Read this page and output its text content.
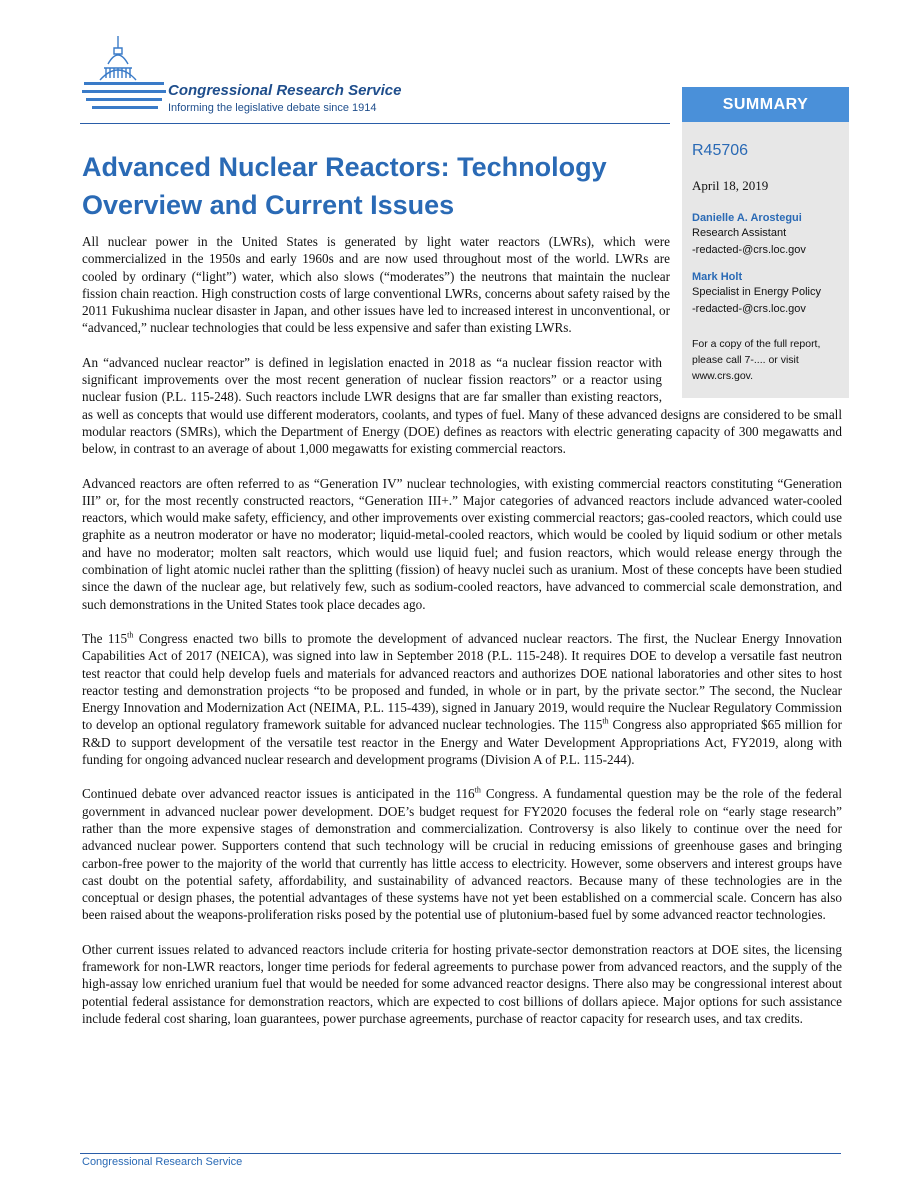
Congressional Research Service
Informing the legislative debate since 1914	SUMMARY
R45706
April 18, 2019
Danielle A. Arostegui
Research Assistant
-redacted-@crs.loc.gov
Mark Holt
Specialist in Energy Policy
-redacted-@crs.loc.gov
For a copy of the full report, please call 7-.... or visit www.crs.gov.
Advanced Nuclear Reactors: Technology Overview and Current Issues

All nuclear power in the United States is generated by light water reactors (LWRs), which were commercialized in the 1950s and early 1960s and are now used throughout most of the world. LWRs are cooled by ordinary (“light”) water, which also slows (“moderates”) the neutrons that maintain the nuclear fission chain reaction. High construction costs of large conventional LWRs, concerns about safety raised by the 2011 Fukushima nuclear disaster in Japan, and other issues have led to increased interest in unconventional, or “advanced,” nuclear technologies that could be less expensive and safer than existing LWRs.

An “advanced nuclear reactor” is defined in legislation enacted in 2018 as “a nuclear fission reactor with significant improvements over the most recent generation of nuclear fission reactors” or a reactor using nuclear fusion (P.L. 115-248). Such reactors include LWR designs that are far smaller than existing reactors, as well as concepts that would use different moderators, coolants, and types of fuel. Many of these advanced designs are considered to be small modular reactors (SMRs), which the Department of Energy (DOE) defines as reactors with electric generating capacity of 300 megawatts and below, in contrast to an average of about 1,000 megawatts for existing commercial reactors.

Advanced reactors are often referred to as “Generation IV” nuclear technologies, with existing commercial reactors constituting “Generation III” or, for the most recently constructed reactors, “Generation III+.” Major categories of advanced reactors include advanced water-cooled reactors, which would make safety, efficiency, and other improvements over existing commercial reactors; gas-cooled reactors, which could use graphite as a neutron moderator or have no moderator; liquid-metal-cooled reactors, which would be cooled by liquid sodium or other metals and have no moderator; molten salt reactors, which would use liquid fuel; and fusion reactors, which would release energy through the combination of light atomic nuclei rather than the splitting (fission) of heavy nuclei such as uranium. Most of these concepts have been studied since the dawn of the nuclear age, but relatively few, such as sodium-cooled reactors, have advanced to commercial scale demonstration, and such demonstrations in the United States took place decades ago.

The 115th Congress enacted two bills to promote the development of advanced nuclear reactors. The first, the Nuclear Energy Innovation Capabilities Act of 2017 (NEICA), was signed into law in September 2018 (P.L. 115-248). It requires DOE to develop a versatile fast neutron test reactor that could help develop fuels and materials for advanced reactors and authorizes DOE national laboratories and other sites to host reactor testing and demonstration projects “to be proposed and funded, in whole or in part, by the private sector.” The second, the Nuclear Energy Innovation and Modernization Act (NEIMA, P.L. 115-439), signed in January 2019, would require the Nuclear Regulatory Commission to develop an optional regulatory framework suitable for advanced nuclear technologies. The 115th Congress also appropriated $65 million for R&D to support development of the versatile test reactor in the Energy and Water Development Appropriations Act, FY2019, along with funding for ongoing advanced nuclear research and development programs (Division A of P.L. 115-244).

Continued debate over advanced reactor issues is anticipated in the 116th Congress. A fundamental question may be the role of the federal government in advanced nuclear power development. DOE’s budget request for FY2020 focuses the federal role on “early stage research” rather than the more expensive stages of demonstration and commercialization. Controversy is also likely to continue over the need for advanced nuclear power. Supporters contend that such technology will be crucial in reducing emissions of greenhouse gases and bringing carbon-free power to the majority of the world that currently has little access to electricity. However, some observers and interest groups have cast doubt on the potential safety, affordability, and sustainability of advanced reactors. Because many of these technologies are in the conceptual or design phases, the potential advantages of these systems have not yet been established on a commercial scale. Concern has also been raised about the weapons-proliferation risks posed by the potential use of plutonium-based fuel by some advanced reactor technologies.

Other current issues related to advanced reactors include criteria for hosting private-sector demonstration reactors at DOE sites, the licensing framework for non-LWR reactors, longer time periods for federal agreements to purchase power from advanced reactors, and the supply of the high-assay low enriched uranium fuel that would be needed for some advanced reactor designs. There also may be congressional interest about potential federal assistance for demonstration reactors, which are expected to cost billions of dollars apiece. Major options for such assistance include federal cost sharing, loan guarantees, power purchase agreements, purchase of reactor capacity for research uses, and tax credits.

Congressional Research Service
